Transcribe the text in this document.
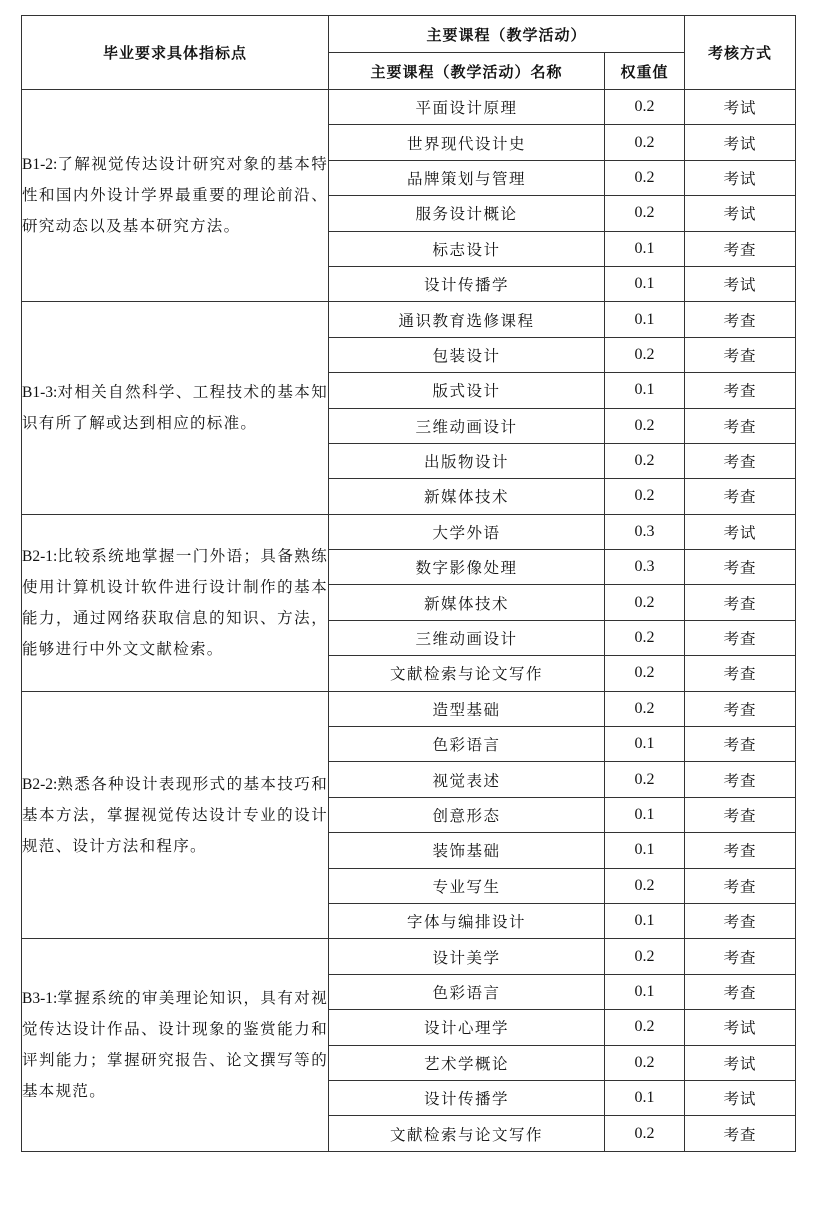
毕业要求具体指标点	主要课程（教学活动）		考核方式
	主要课程（教学活动）名称	权重值	
B1-2:了解视觉传达设计研究对象的基本特性和国内外设计学界最重要的理论前沿、研究动态以及基本研究方法。	平面设计原理	0.2	考试
	世界现代设计史	0.2	考试
	品牌策划与管理	0.2	考试
	服务设计概论	0.2	考试
	标志设计	0.1	考查
	设计传播学	0.1	考试
B1-3:对相关自然科学、工程技术的基本知识有所了解或达到相应的标准。	通识教育选修课程	0.1	考查
	包装设计	0.2	考查
	版式设计	0.1	考查
	三维动画设计	0.2	考查
	出版物设计	0.2	考查
	新媒体技术	0.2	考查
B2-1:比较系统地掌握一门外语；具备熟练使用计算机设计软件进行设计制作的基本能力，通过网络获取信息的知识、方法，能够进行中外文文献检索。	大学外语	0.3	考试
	数字影像处理	0.3	考查
	新媒体技术	0.2	考查
	三维动画设计	0.2	考查
	文献检索与论文写作	0.2	考查
B2-2:熟悉各种设计表现形式的基本技巧和基本方法，掌握视觉传达设计专业的设计规范、设计方法和程序。	造型基础	0.2	考查
	色彩语言	0.1	考查
	视觉表述	0.2	考查
	创意形态	0.1	考查
	装饰基础	0.1	考查
	专业写生	0.2	考查
	字体与编排设计	0.1	考查
B3-1:掌握系统的审美理论知识，具有对视觉传达设计作品、设计现象的鉴赏能力和评判能力；掌握研究报告、论文撰写等的基本规范。	设计美学	0.2	考查
	色彩语言	0.1	考查
	设计心理学	0.2	考试
	艺术学概论	0.2	考试
	设计传播学	0.1	考试
	文献检索与论文写作	0.2	考查
